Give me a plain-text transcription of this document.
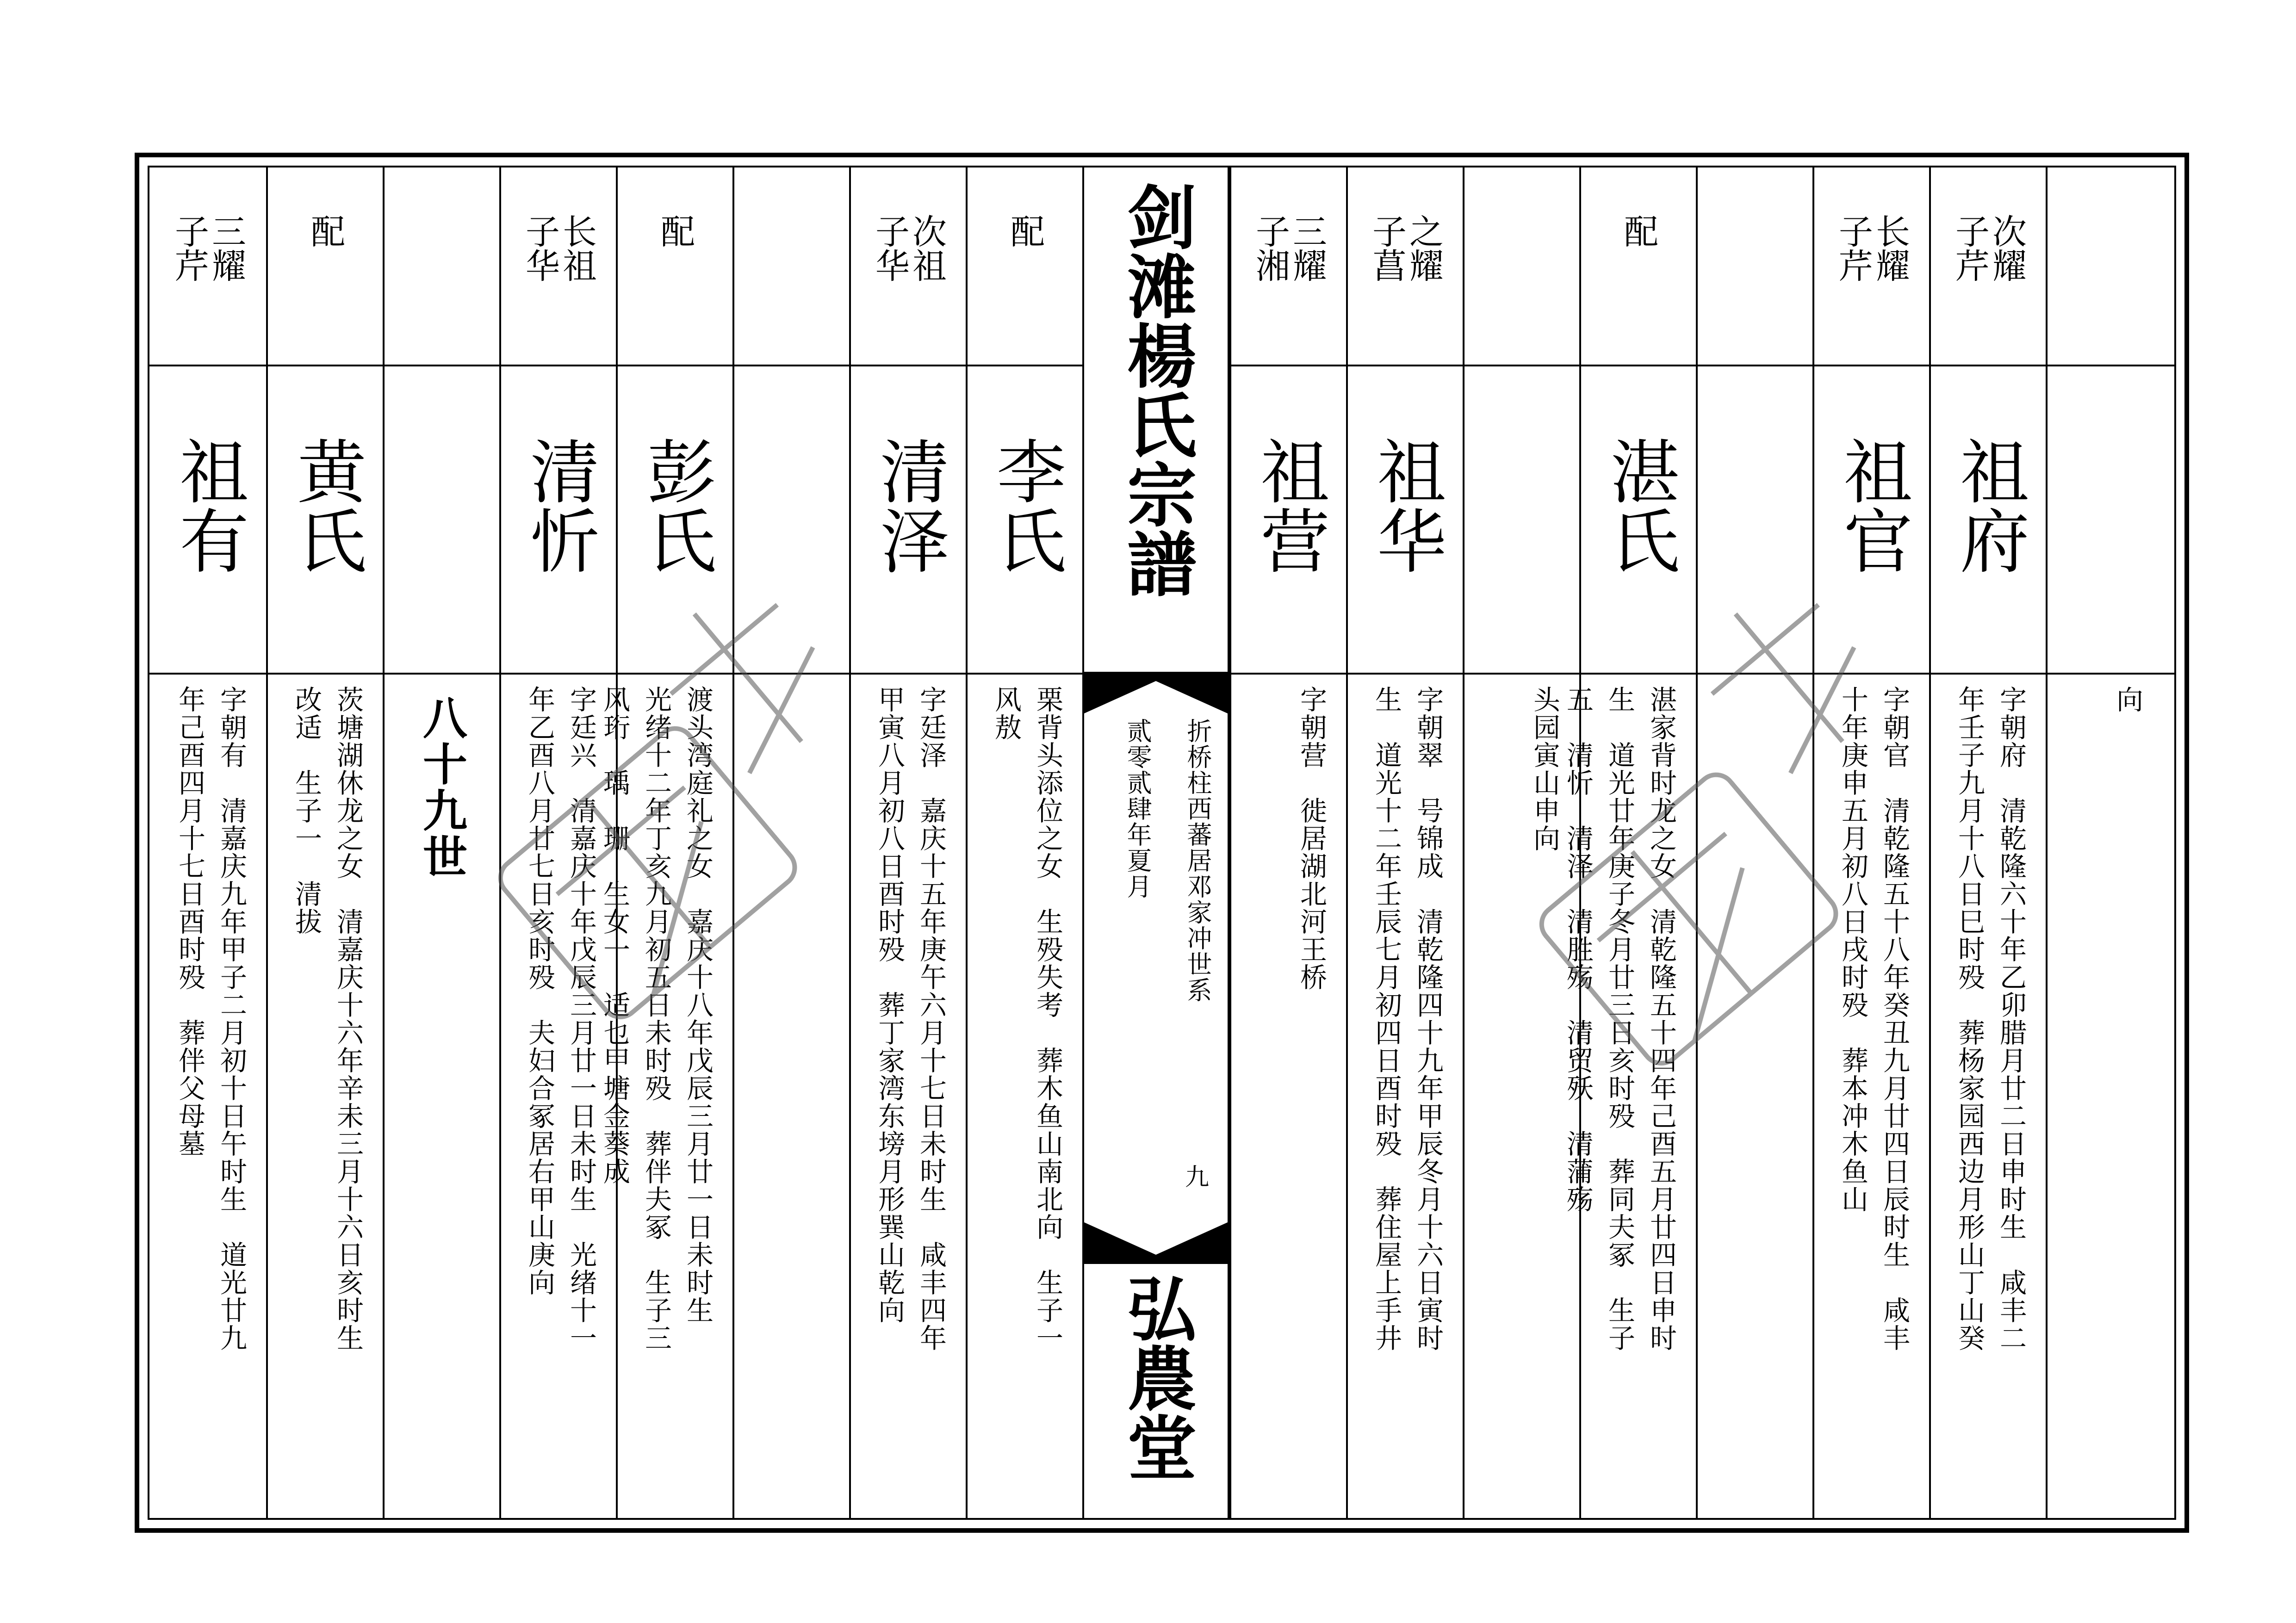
三耀
子芹
祖有
字朝有　清嘉庆九年甲子二月初十日午时生　道光廿九
年己酉四月十七日酉时殁　葬伴父母墓
配
黄氏
茨塘湖休龙之女　清嘉庆十六年辛未三月十六日亥时生
改适　生子一　清拔
八十九世
长祖
子华
清忻
字廷兴　清嘉庆十年戊辰三月廿一日未时生　光绪十一
年乙酉八月廿七日亥时殁　夫妇合冢居右甲山庚向
配
彭氏
渡头湾庭礼之女　嘉庆十八年戊辰三月廿一日未时生
光绪十二年丁亥九月初五日未时殁　葬伴夫冢　生子三
风珩　瑀　珊　生女一　适乜甲塘金葵成
次祖
子华
清泽
字廷泽　嘉庆十五年庚午六月十七日未时生　咸丰四年
甲寅八月初八日酉时殁　葬丁家湾东塝月形巽山乾向
配
李氏
栗背头添位之女　生殁失考　葬木鱼山南北向　生子一
风敖
剑滩楊氏宗譜
折桥柱西蕃居邓家冲世系
贰零贰肆年夏月
九
弘農堂
三耀
子湘
祖营
字朝营　徙居湖北河王桥
之耀
子菖
祖华
字朝翠　号锦成　清乾隆四十九年甲辰冬月十六日寅时
生　道光十二年壬辰七月初四日酉时殁　葬住屋上手井
头园寅山申向
配
湛氏
湛家背时龙之女　清乾隆五十四年己酉五月廿四日申时
生　道光廿年庚子冬月廿三日亥时殁　葬同夫冢　生子
五　清忻　清泽　清胜殇　清贸殀　清蒲殇
长耀
子芹
祖官
字朝官　清乾隆五十八年癸丑九月廿四日辰时生　咸丰
十年庚申五月初八日戌时殁　葬本冲木鱼山
次耀
子芹
祖府
字朝府　清乾隆六十年乙卯腊月廿二日申时生　咸丰二
年壬子九月十八日巳时殁　葬杨家园西边月形山丁山癸
向
